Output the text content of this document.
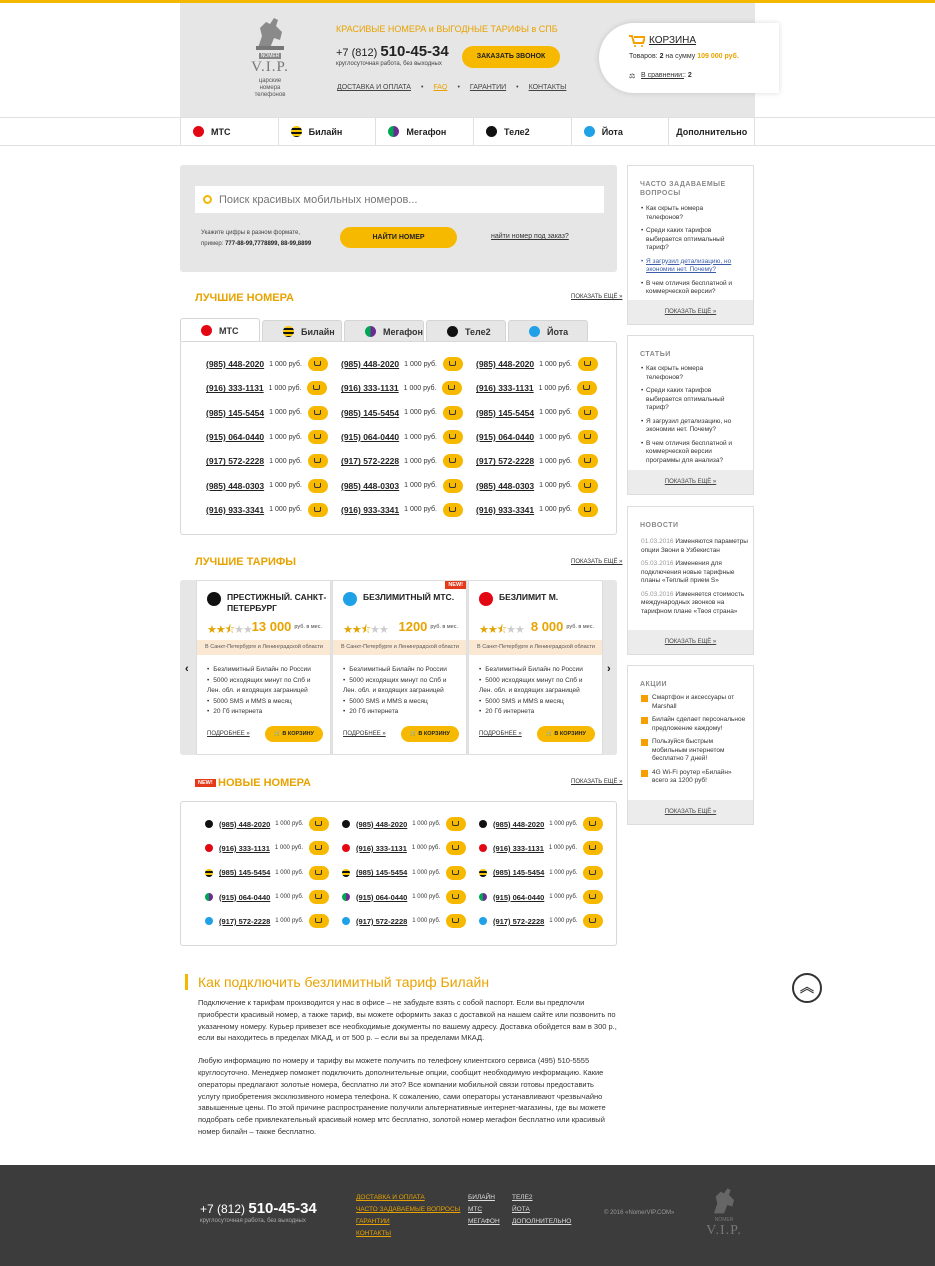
NOMER
V.I.P.
царские
номера
телефонов
КРАСИВЫЕ НОМЕРА и ВЫГОДНЫЕ ТАРИФЫ в СПБ
+7 (812) 510-45-34
круглосуточная работа, без выходных
ЗАКАЗАТЬ ЗВОНОК
ДОСТАВКА И ОПЛАТА • FAQ • ГАРАНТИИ • КОНТАКТЫ
КОРЗИНА
Товаров: 2 на сумму 109 000 руб.
⚖ В сравнении:: 2
МТС	Билайн	Мегафон	Теле2	Йота	Дополнительно
Поиск красивых мобильных номеров...
Укажите цифры в разном формате,
пример: 777-88-99,7778899, 88-99,8899
НАЙТИ НОМЕР	найти номер под заказ?
ЛУЧШИЕ НОМЕРА	ПОКАЗАТЬ ЕЩЁ »
МТС	Билайн	Мегафон	Теле2	Йота
(985) 448-2020 1 000 руб.	(985) 448-2020 1 000 руб.	(985) 448-2020 1 000 руб.
(916) 333-1131 1 000 руб.	(916) 333-1131 1 000 руб.	(916) 333-1131 1 000 руб.
(985) 145-5454 1 000 руб.	(985) 145-5454 1 000 руб.	(985) 145-5454 1 000 руб.
(915) 064-0440 1 000 руб.	(915) 064-0440 1 000 руб.	(915) 064-0440 1 000 руб.
(917) 572-2228 1 000 руб.	(917) 572-2228 1 000 руб.	(917) 572-2228 1 000 руб.
(985) 448-0303 1 000 руб.	(985) 448-0303 1 000 руб.	(985) 448-0303 1 000 руб.
(916) 933-3341 1 000 руб.	(916) 933-3341 1 000 руб.	(916) 933-3341 1 000 руб.
ЛУЧШИЕ ТАРИФЫ	ПОКАЗАТЬ ЕЩЁ »
‹	›
ПРЕСТИЖНЫЙ. САНКТ-ПЕТЕРБУРГ
★★⯪★★ 13 000 руб. в мес.
В Санкт-Петербурге и Ленинградской области
• Безлимитный Билайн по России
• 5000 исходящих минут по Спб и Лен. обл. и входящих заграницей
• 5000 SMS и MMS в месяц
• 20 Гб интернета
ПОДРОБНЕЕ »	🛒 В КОРЗИНУ
БЕЗЛИМИТНЫЙ МТС.
★★⯪★★ 1200 руб. в мес.
В Санкт-Петербурге и Ленинградской области
• Безлимитный Билайн по России
• 5000 исходящих минут по Спб и Лен. обл. и входящих заграницей
• 5000 SMS и MMS в месяц
• 20 Гб интернета
ПОДРОБНЕЕ »	🛒 В КОРЗИНУ
NEW!
БЕЗЛИМИТ М.
★★⯪★★ 8 000 руб. в мес.
В Санкт-Петербурге и Ленинградской области
• Безлимитный Билайн по России
• 5000 исходящих минут по Спб и Лен. обл. и входящих заграницей
• 5000 SMS и MMS в месяц
• 20 Гб интернета
ПОДРОБНЕЕ »	🛒 В КОРЗИНУ
НОВЫЕ НОМЕРА
NEW!	ПОКАЗАТЬ ЕЩЁ »
(985) 448-2020 1 000 руб.	(985) 448-2020 1 000 руб.	(985) 448-2020 1 000 руб.
(916) 333-1131 1 000 руб.	(916) 333-1131 1 000 руб.	(916) 333-1131 1 000 руб.
(985) 145-5454 1 000 руб.	(985) 145-5454 1 000 руб.	(985) 145-5454 1 000 руб.
(915) 064-0440 1 000 руб.	(915) 064-0440 1 000 руб.	(915) 064-0440 1 000 руб.
(917) 572-2228 1 000 руб.	(917) 572-2228 1 000 руб.	(917) 572-2228 1 000 руб.
Как подключить безлимитный тариф Билайн

Подключение к тарифам производится у нас в офисе – не забудьте взять с собой паспорт. Если вы предпочли приобрести красивый номер, а также тариф, вы можете оформить заказ с доставкой на нашем сайте или позвонить по указанному номеру. Курьер привезет все необходимые документы по вашему адресу. Доставка обойдется вам в 300 р., если вы находитесь в пределах МКАД, и от 500 р. – если вы за пределами МКАД.

Любую информацию по номеру и тарифу вы можете получить по телефону клиентского сервиса (495) 510-5555 круглосуточно. Менеджер поможет подключить дополнительные опции, сообщит необходимую информацию. Какие операторы предлагают золотые номера, бесплатно ли это? Все компании мобильной связи готовы предоставить услугу приобретения эксклюзивного номера телефона. К сожалению, сами операторы устанавливают чрезвычайно завышенные цены. По этой причине распространение получили альтернативные интернет-магазины, где вы можете подобрать себе привлекательный красивый номер мтс бесплатно, золотой номер мегафон бесплатно или красивый номер билайн – также бесплатно.

︽
ЧАСТО ЗАДАВАЕМЫЕ ВОПРОСЫ
• Как скрыть номера телефонов?
• Среди каких тарифов выбирается оптимальный тариф?
• Я загрузил детализацию, но экономии нет. Почему?
• В чем отличия бесплатной и коммерческой версии?
ПОКАЗАТЬ ЕЩЁ »
СТАТЬИ
• Как скрыть номера телефонов?
• Среди каких тарифов выбирается оптимальный тариф?
• Я загрузил детализацию, но экономии нет. Почему?
• В чем отличия бесплатной и коммерческой версии программы для анализа?
ПОКАЗАТЬ ЕЩЁ »
НОВОСТИ
01.03.2016 Изменяются параметры опции Звони в Узбекистан
05.03.2016 Изменения для подключения новые тарифные планы «Теплый прием S»
05.03.2016 Изменяется стоимость международных звонков на тарифном плане «Твоя страна»
ПОКАЗАТЬ ЕЩЁ »
АКЦИИ
Смартфон и аксессуары от Marshall
Билайн сделает персональное предложение каждому!
Пользуйся быстрым мобильным интернетом бесплатно 7 дней!
4G Wi-Fi роутер «Билайн» всего за 1200 руб!
ПОКАЗАТЬ ЕЩЁ »
+7 (812) 510-45-34
круглосуточная работа, без выходных
ДОСТАВКА И ОПЛАТА
ЧАСТО ЗАДАВАЕМЫЕ ВОПРОСЫ
ГАРАНТИИ
КОНТАКТЫ
БИЛАЙН
МТС
МЕГАФОН
ТЕЛЕ2
ЙОТА
ДОПОЛНИТЕЛЬНО
© 2016 «NomerVIP.COM»
NOMER
V.I.P.
